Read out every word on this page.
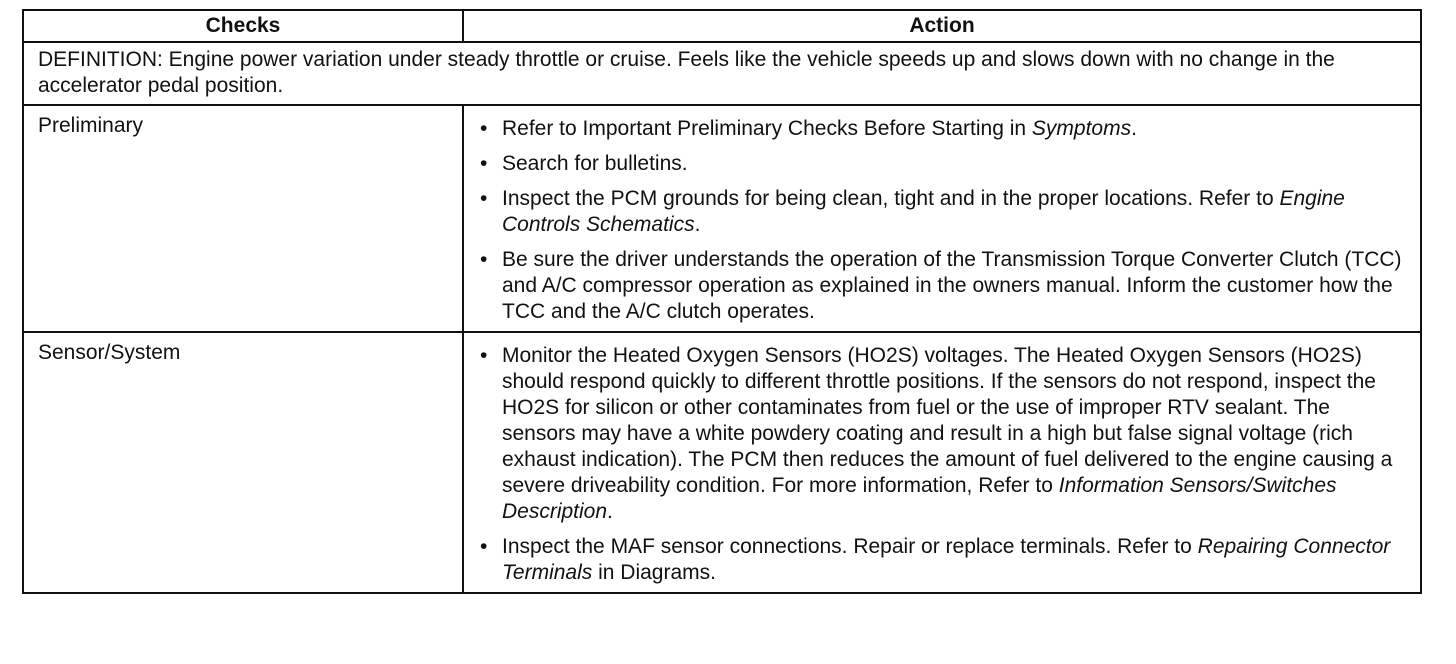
Checks	Action
DEFINITION: Engine power variation under steady throttle or cruise. Feels like the vehicle speeds up and slows down with no change in the accelerator pedal position.
Preliminary	• Refer to Important Preliminary Checks Before Starting in Symptoms.
• Search for bulletins.
• Inspect the PCM grounds for being clean, tight and in the proper locations. Refer to Engine Controls Schematics.
• Be sure the driver understands the operation of the Transmission Torque Converter Clutch (TCC) and A/C compressor operation as explained in the owners manual. Inform the customer how the TCC and the A/C clutch operates.
Sensor/System	• Monitor the Heated Oxygen Sensors (HO2S) voltages. The Heated Oxygen Sensors (HO2S) should respond quickly to different throttle positions. If the sensors do not respond, inspect the HO2S for silicon or other contaminates from fuel or the use of improper RTV sealant. The sensors may have a white powdery coating and result in a high but false signal voltage (rich exhaust indication). The PCM then reduces the amount of fuel delivered to the engine causing a severe driveability condition. For more information, Refer to Information Sensors/Switches Description.
• Inspect the MAF sensor connections. Repair or replace terminals. Refer to Repairing Connector Terminals in Diagrams.
